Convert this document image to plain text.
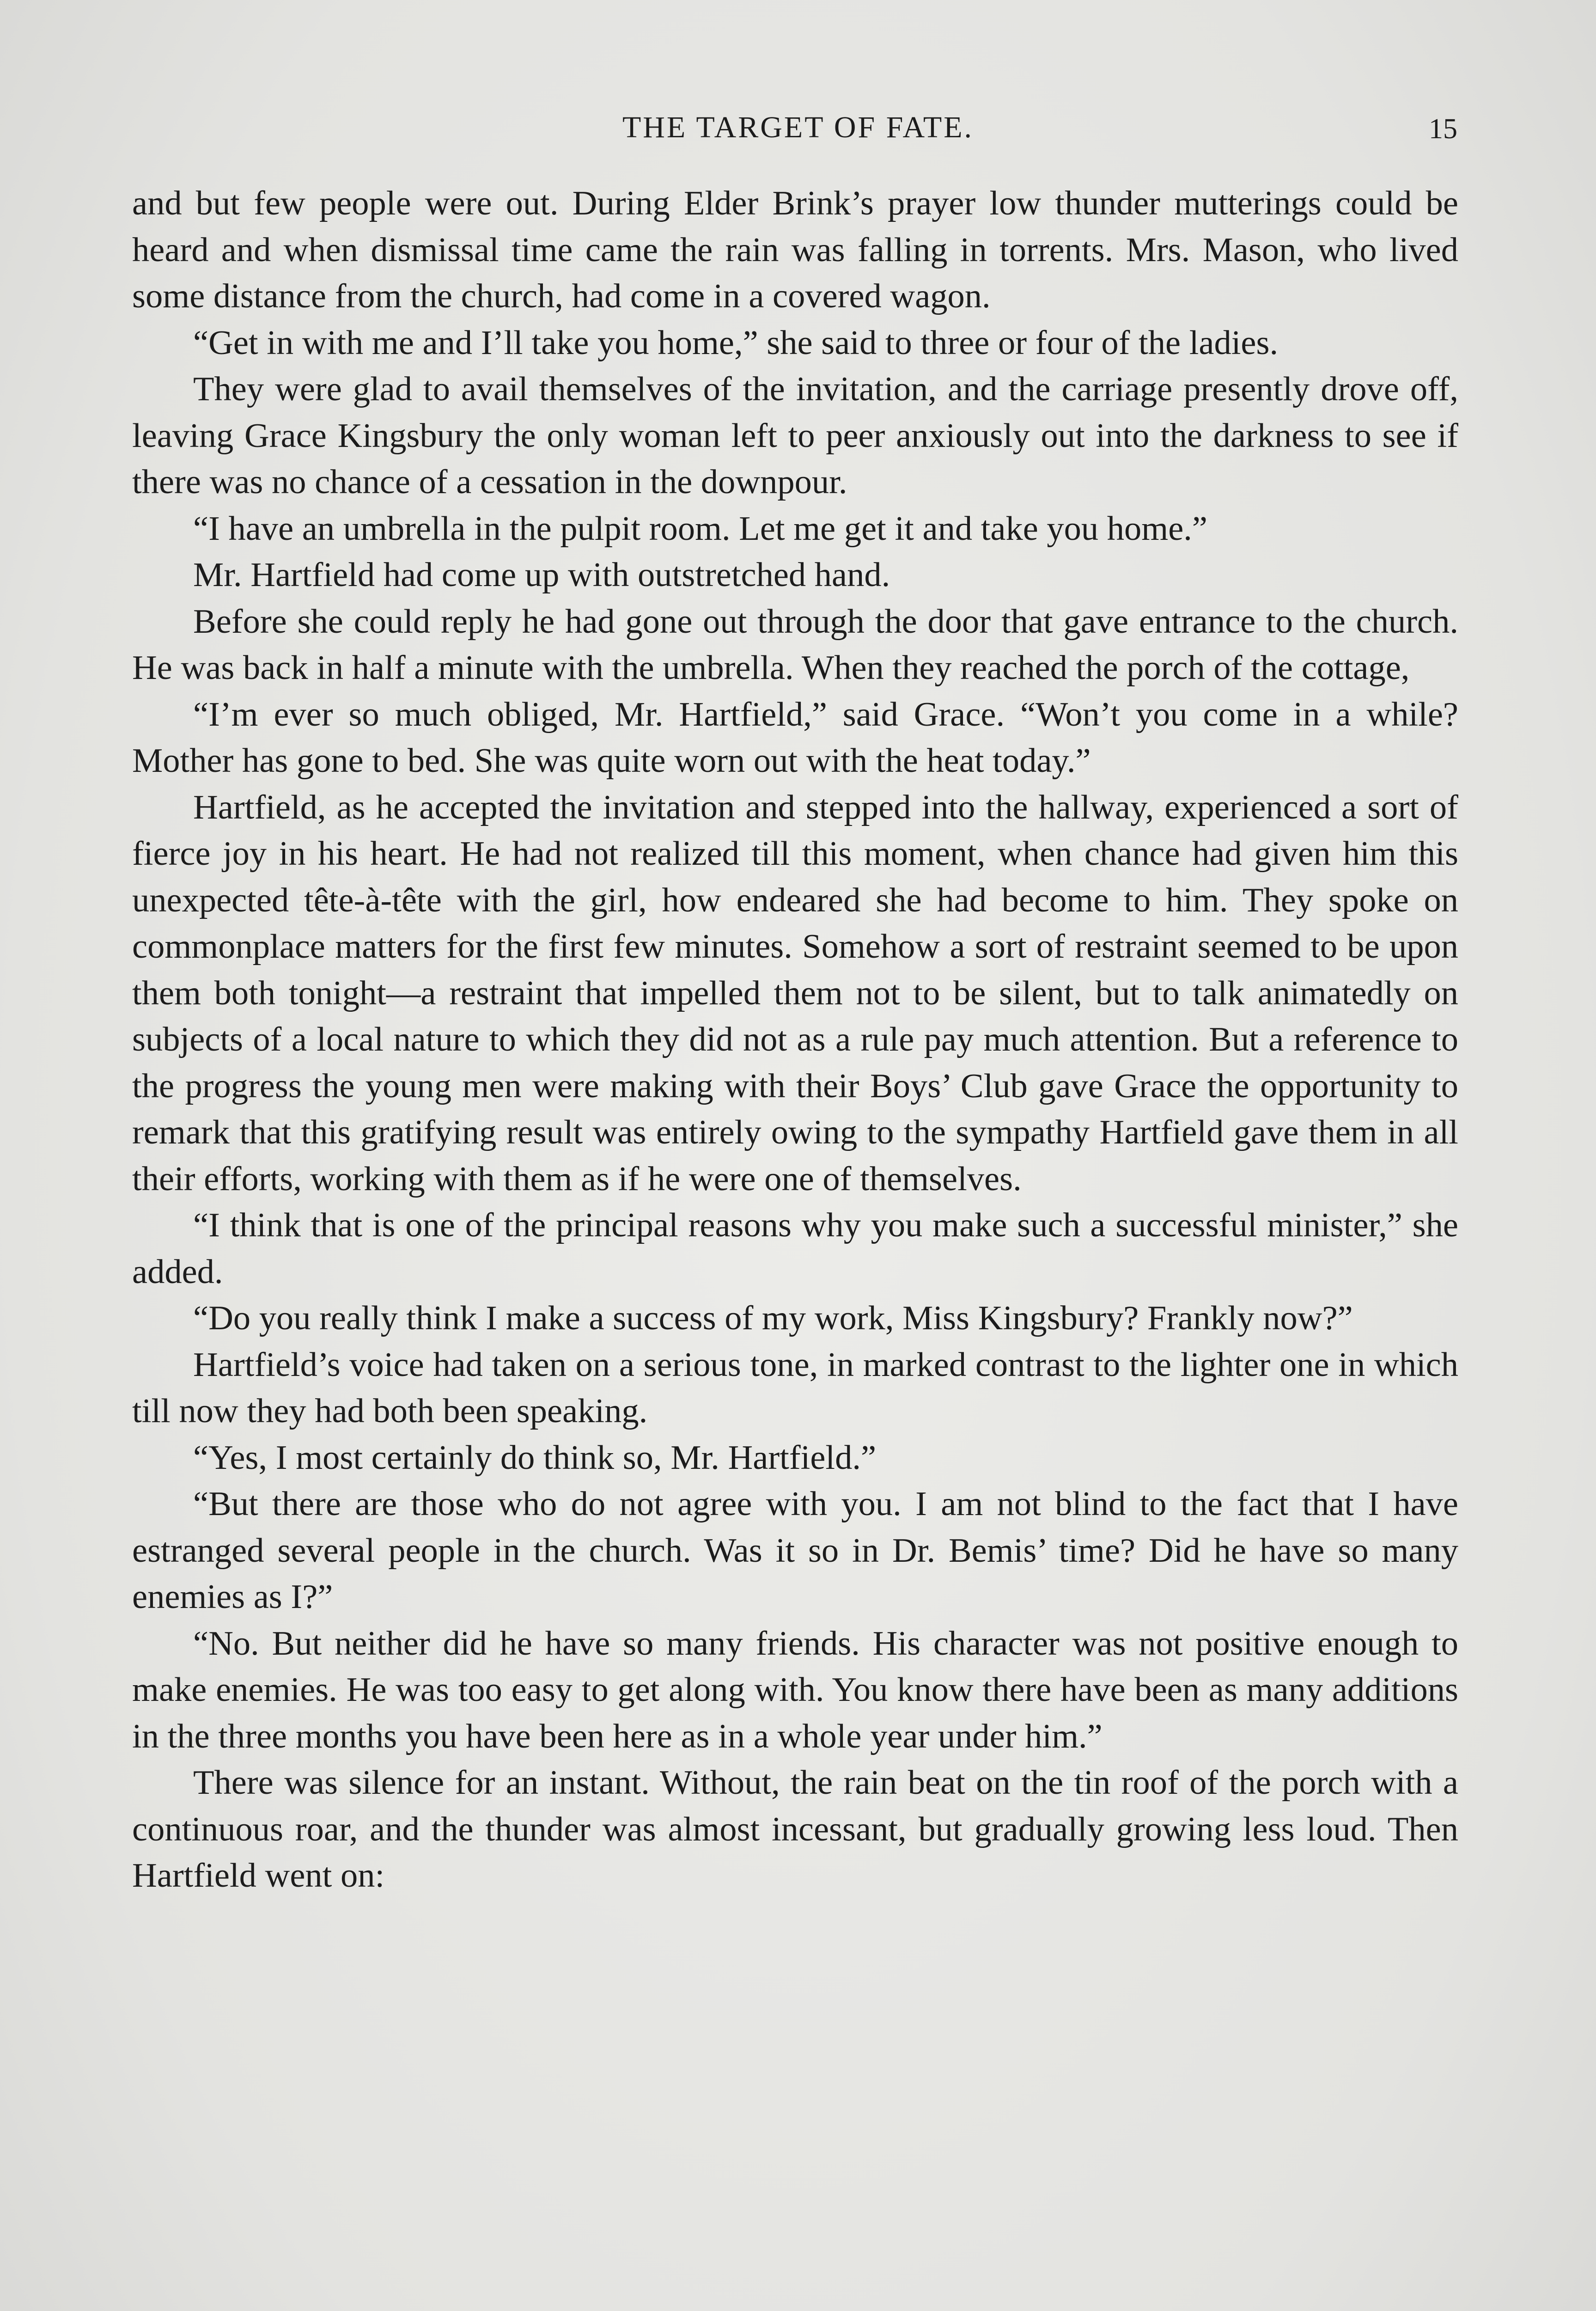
THE TARGET OF FATE.	15

and but few people were out. During Elder Brink’s prayer low thunder mutterings could be heard and when dismissal time came the rain was falling in torrents. Mrs. Mason, who lived some distance from the church, had come in a covered wagon.

“Get in with me and I’ll take you home,” she said to three or four of the ladies.

They were glad to avail themselves of the invitation, and the carriage presently drove off, leaving Grace Kingsbury the only woman left to peer anxiously out into the darkness to see if there was no chance of a cessation in the downpour.

“I have an umbrella in the pulpit room. Let me get it and take you home.”

Mr. Hartfield had come up with outstretched hand.

Before she could reply he had gone out through the door that gave entrance to the church. He was back in half a minute with the umbrella. When they reached the porch of the cottage,

“I’m ever so much obliged, Mr. Hartfield,” said Grace. “Won’t you come in a while? Mother has gone to bed. She was quite worn out with the heat today.”

Hartfield, as he accepted the invitation and stepped into the hallway, experienced a sort of fierce joy in his heart. He had not realized till this moment, when chance had given him this unexpected tête-à-tête with the girl, how endeared she had become to him. They spoke on commonplace matters for the first few minutes. Somehow a sort of restraint seemed to be upon them both tonight—a restraint that impelled them not to be silent, but to talk animatedly on subjects of a local nature to which they did not as a rule pay much attention. But a reference to the progress the young men were making with their Boys’ Club gave Grace the opportunity to remark that this gratifying result was entirely owing to the sympathy Hartfield gave them in all their efforts, working with them as if he were one of themselves.

“I think that is one of the principal reasons why you make such a successful minister,” she added.

“Do you really think I make a success of my work, Miss Kingsbury? Frankly now?”

Hartfield’s voice had taken on a serious tone, in marked contrast to the lighter one in which till now they had both been speaking.

“Yes, I most certainly do think so, Mr. Hartfield.”

“But there are those who do not agree with you. I am not blind to the fact that I have estranged several people in the church. Was it so in Dr. Bemis’ time? Did he have so many enemies as I?”

“No. But neither did he have so many friends. His character was not positive enough to make enemies. He was too easy to get along with. You know there have been as many additions in the three months you have been here as in a whole year under him.”

There was silence for an instant. Without, the rain beat on the tin roof of the porch with a continuous roar, and the thunder was almost incessant, but gradually growing less loud. Then Hartfield went on:
